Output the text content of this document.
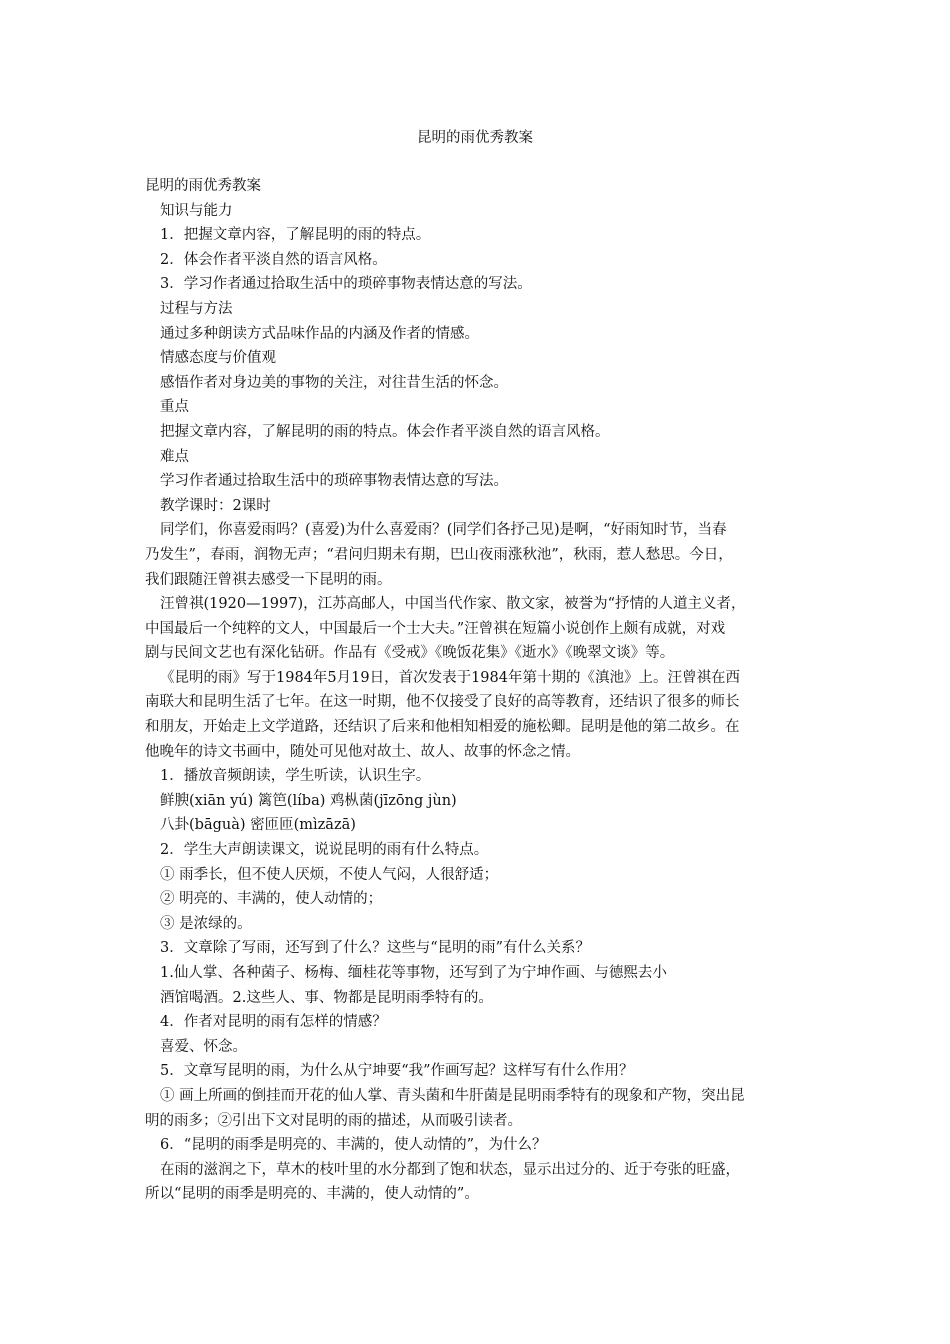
昆明的雨优秀教案
昆明的雨优秀教案
知识与能力
1．把握文章内容，了解昆明的雨的特点。
2．体会作者平淡自然的语言风格。
3．学习作者通过拾取生活中的琐碎事物表情达意的写法。
过程与方法
通过多种朗读方式品味作品的内涵及作者的情感。
情感态度与价值观
感悟作者对身边美的事物的关注，对往昔生活的怀念。
重点
把握文章内容，了解昆明的雨的特点。体会作者平淡自然的语言风格。
难点
学习作者通过拾取生活中的琐碎事物表情达意的写法。
教学课时：2课时
同学们，你喜爱雨吗？(喜爱)为什么喜爱雨？(同学们各抒己见)是啊，“好雨知时节，当春
乃发生”，春雨，润物无声；“君问归期未有期，巴山夜雨涨秋池”，秋雨，惹人愁思。今日，
我们跟随汪曾祺去感受一下昆明的雨。
汪曾祺(1920—1997)，江苏高邮人，中国当代作家、散文家，被誉为“抒情的人道主义者，
中国最后一个纯粹的文人，中国最后一个士大夫。”汪曾祺在短篇小说创作上颇有成就，对戏
剧与民间文艺也有深化钻研。作品有《受戒》《晚饭花集》《逝水》《晚翠文谈》等。
《昆明的雨》写于1984年5月19日，首次发表于1984年第十期的《滇池》上。汪曾祺在西
南联大和昆明生活了七年。在这一时期，他不仅接受了良好的高等教育，还结识了很多的师长
和朋友，开始走上文学道路，还结识了后来和他相知相爱的施松卿。昆明是他的第二故乡。在
他晚年的诗文书画中，随处可见他对故土、故人、故事的怀念之情。
1．播放音频朗读，学生听读，认识生字。
鲜腴(xiān yú) 篱笆(líba) 鸡枞菌(jīzōng jùn)
八卦(bāguà) 密匝匝(mìzāzā)
2．学生大声朗读课文，说说昆明的雨有什么特点。
① 雨季长，但不使人厌烦，不使人气闷，人很舒适；
② 明亮的、丰满的，使人动情的；
③ 是浓绿的。
3．文章除了写雨，还写到了什么？这些与“昆明的雨”有什么关系？
1.仙人掌、各种菌子、杨梅、缅桂花等事物，还写到了为宁坤作画、与德熙去小
酒馆喝酒。2.这些人、事、物都是昆明雨季特有的。
4．作者对昆明的雨有怎样的情感？
喜爱、怀念。
5．文章写昆明的雨，为什么从宁坤要“我”作画写起？这样写有什么作用？
① 画上所画的倒挂而开花的仙人掌、青头菌和牛肝菌是昆明雨季特有的现象和产物，突出昆
明的雨多；②引出下文对昆明的雨的描述，从而吸引读者。
6．“昆明的雨季是明亮的、丰满的，使人动情的”，为什么？
在雨的滋润之下，草木的枝叶里的水分都到了饱和状态，显示出过分的、近于夸张的旺盛，
所以“昆明的雨季是明亮的、丰满的，使人动情的”。
